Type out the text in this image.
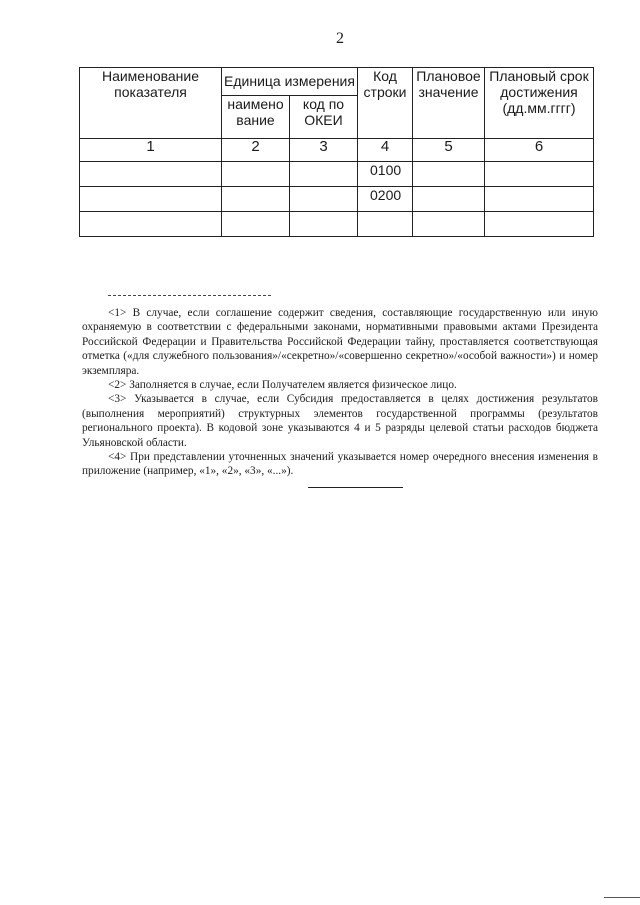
2
Наименование показателя	Единица измерения		Код строки	Плановое значение	Плановый срок достижения (дд.мм.гггг)
	наимено вание	код по ОКЕИ			
1	2	3	4	5	6
			0100		
			0200		

<1> В случае, если соглашение содержит сведения, составляющие государственную или иную охраняемую в соответствии с федеральными законами, нормативными правовыми актами Президента Российской Федерации и Правительства Российской Федерации тайну, проставляется соответствующая отметка («для служебного пользования»/«секретно»/«совершенно секретно»/«особой важности») и номер экземпляра.

<2> Заполняется в случае, если Получателем является физическое лицо.

<3> Указывается в случае, если Субсидия предоставляется в целях достижения результатов (выполнения мероприятий) структурных элементов государственной программы (результатов регионального проекта). В кодовой зоне указываются 4 и 5 разряды целевой статьи расходов бюджета Ульяновской области.

<4> При представлении уточненных значений указывается номер очередного внесения изменения в приложение (например, «1», «2», «3», «...»).
